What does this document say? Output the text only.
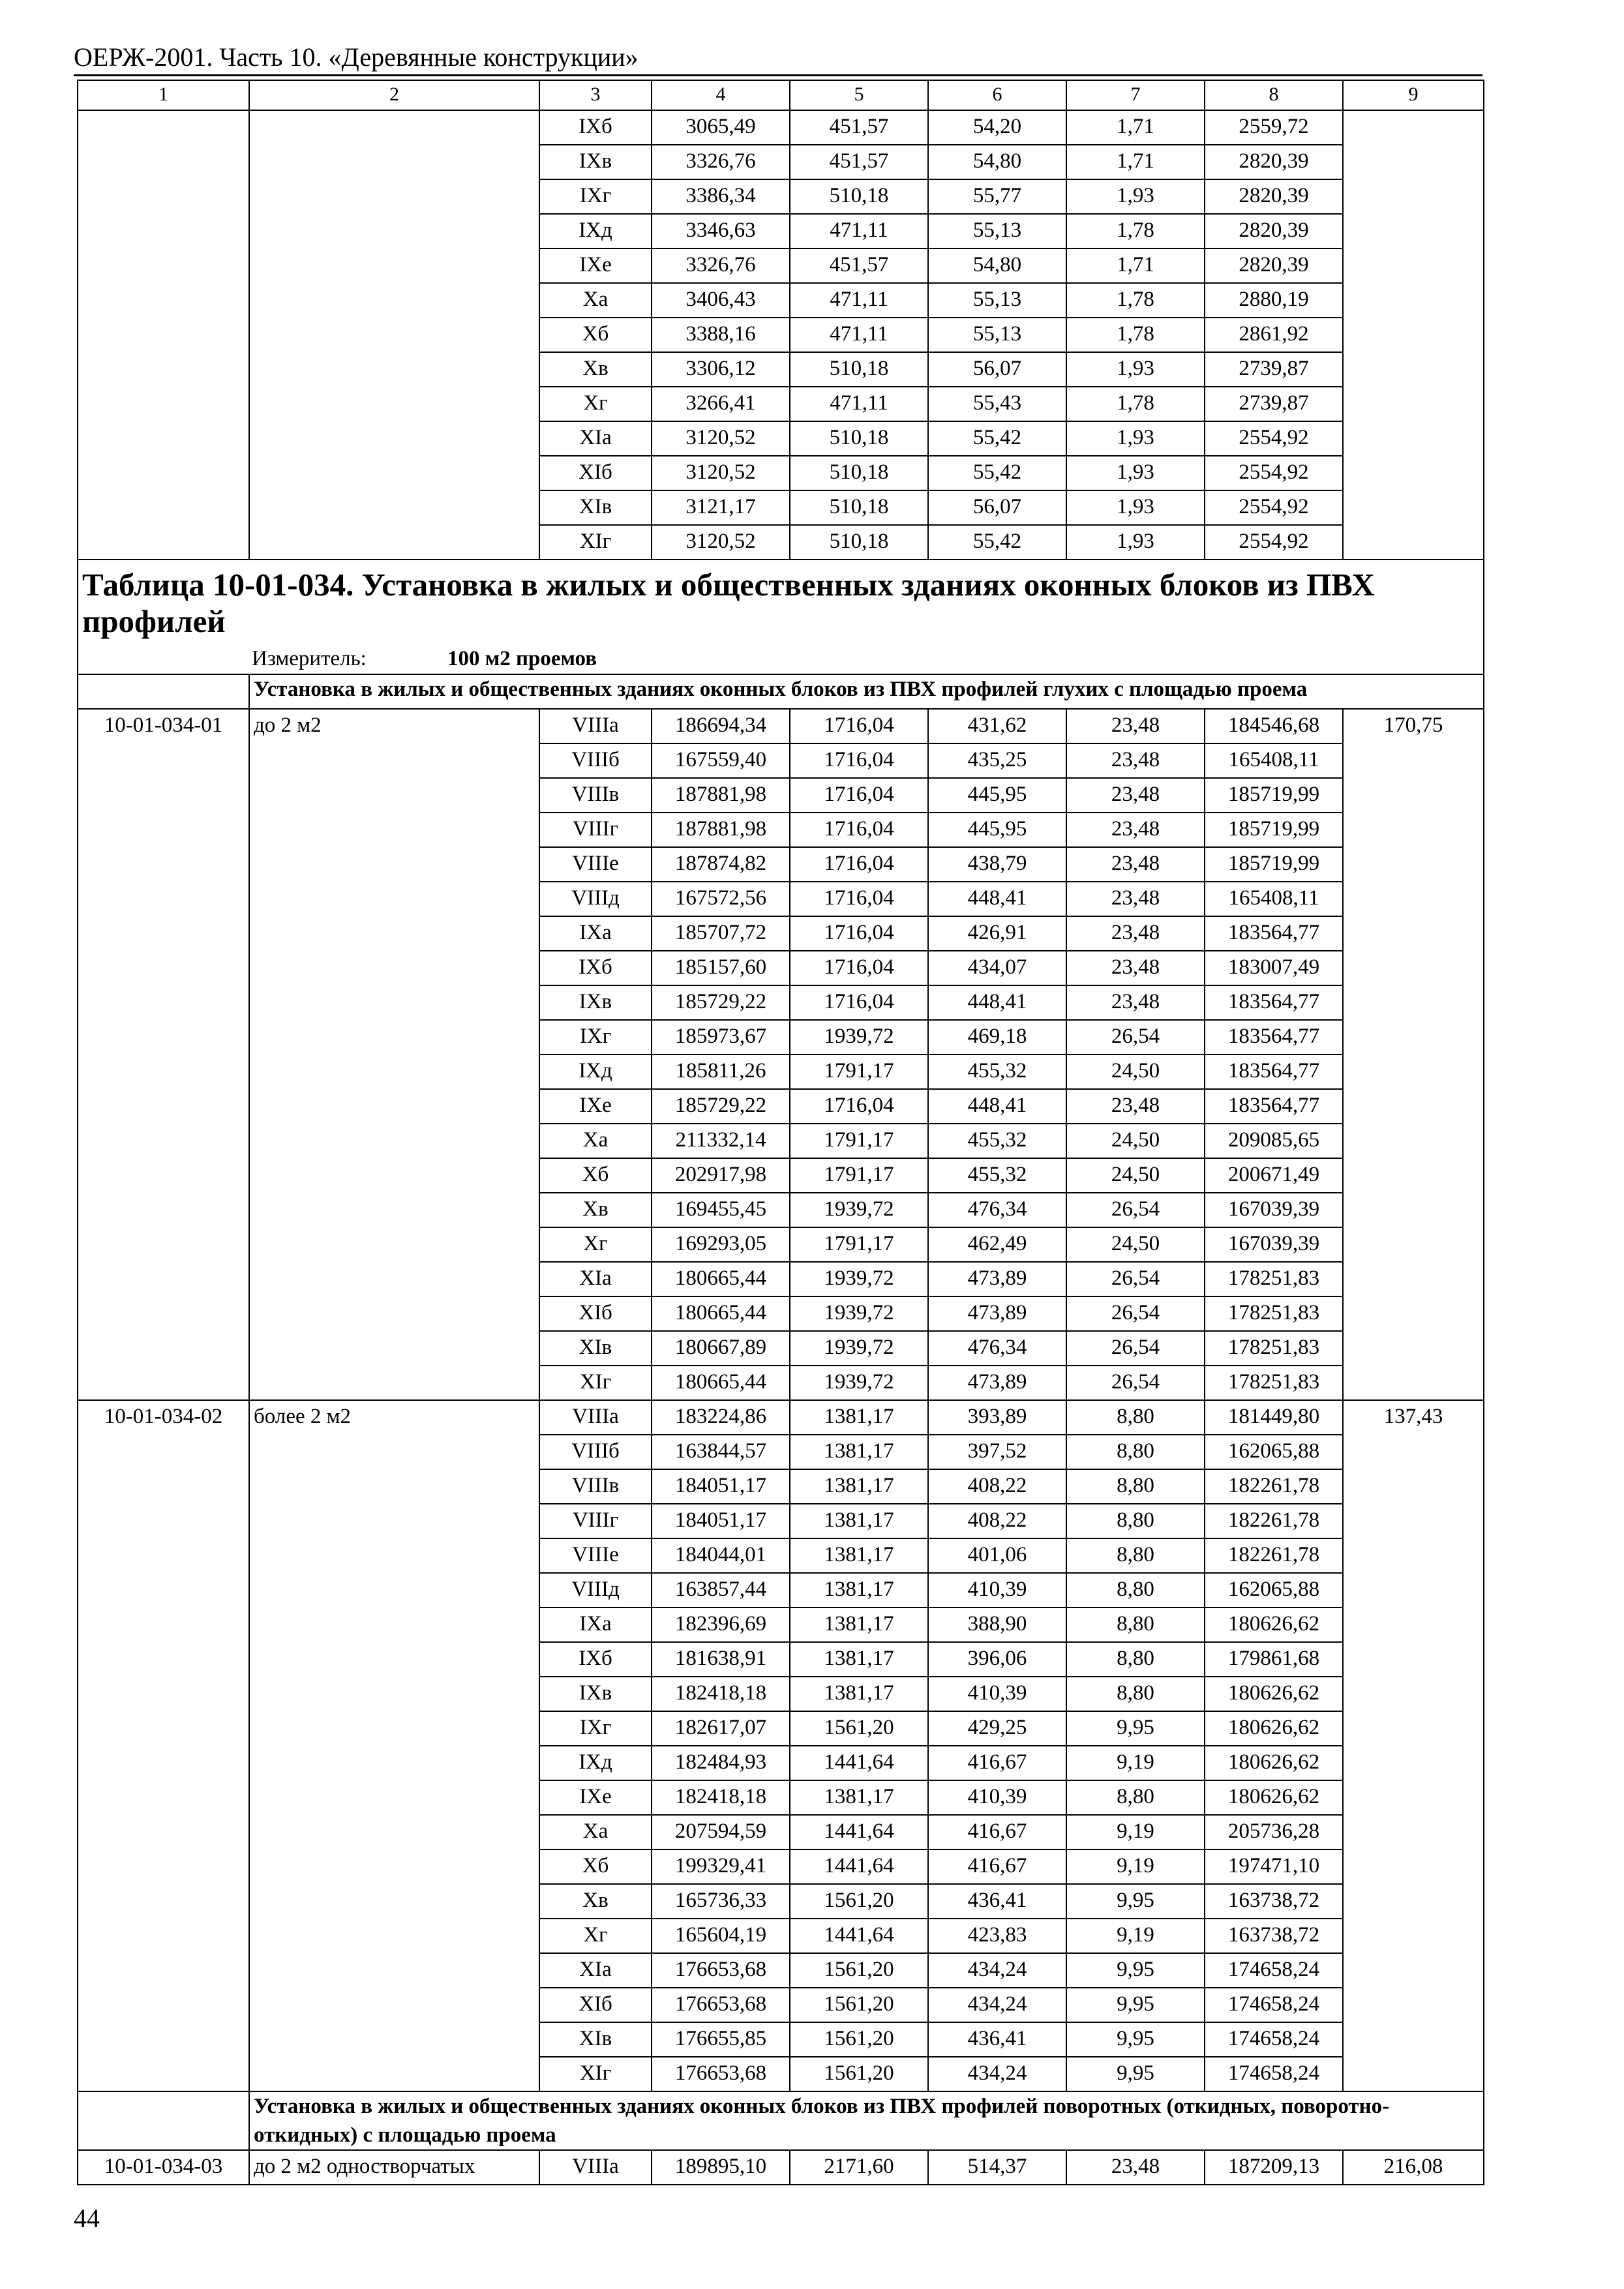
ОЕРЖ-2001. Часть 10. «Деревянные конструкции»
1	2	3	4	5	6	7	8	9
		IXб	3065,49	451,57	54,20	1,71	2559,72	
		IXв	3326,76	451,57	54,80	1,71	2820,39	
		IXг	3386,34	510,18	55,77	1,93	2820,39	
		IXд	3346,63	471,11	55,13	1,78	2820,39	
		IXе	3326,76	451,57	54,80	1,71	2820,39	
		Xа	3406,43	471,11	55,13	1,78	2880,19	
		Xб	3388,16	471,11	55,13	1,78	2861,92	
		Xв	3306,12	510,18	56,07	1,93	2739,87	
		Xг	3266,41	471,11	55,43	1,78	2739,87	
		XIа	3120,52	510,18	55,42	1,93	2554,92	
		XIб	3120,52	510,18	55,42	1,93	2554,92	
		XIв	3121,17	510,18	56,07	1,93	2554,92	
		XIг	3120,52	510,18	55,42	1,93	2554,92	
Таблица 10-01-034. Установка в жилых и общественных зданиях оконных блоков из ПВХ профилей								
Измеритель: 100 м2 проемов								
	Установка в жилых и общественных зданиях оконных блоков из ПВХ профилей глухих с площадью проема							
10-01-034-01	до 2 м2	VIIIа	186694,34	1716,04	431,62	23,48	184546,68	170,75
		VIIIб	167559,40	1716,04	435,25	23,48	165408,11	
		VIIIв	187881,98	1716,04	445,95	23,48	185719,99	
		VIIIг	187881,98	1716,04	445,95	23,48	185719,99	
		VIIIе	187874,82	1716,04	438,79	23,48	185719,99	
		VIIIд	167572,56	1716,04	448,41	23,48	165408,11	
		IXа	185707,72	1716,04	426,91	23,48	183564,77	
		IXб	185157,60	1716,04	434,07	23,48	183007,49	
		IXв	185729,22	1716,04	448,41	23,48	183564,77	
		IXг	185973,67	1939,72	469,18	26,54	183564,77	
		IXд	185811,26	1791,17	455,32	24,50	183564,77	
		IXе	185729,22	1716,04	448,41	23,48	183564,77	
		Xа	211332,14	1791,17	455,32	24,50	209085,65	
		Xб	202917,98	1791,17	455,32	24,50	200671,49	
		Xв	169455,45	1939,72	476,34	26,54	167039,39	
		Xг	169293,05	1791,17	462,49	24,50	167039,39	
		XIа	180665,44	1939,72	473,89	26,54	178251,83	
		XIб	180665,44	1939,72	473,89	26,54	178251,83	
		XIв	180667,89	1939,72	476,34	26,54	178251,83	
		XIг	180665,44	1939,72	473,89	26,54	178251,83	
10-01-034-02	более 2 м2	VIIIа	183224,86	1381,17	393,89	8,80	181449,80	137,43
		VIIIб	163844,57	1381,17	397,52	8,80	162065,88	
		VIIIв	184051,17	1381,17	408,22	8,80	182261,78	
		VIIIг	184051,17	1381,17	408,22	8,80	182261,78	
		VIIIе	184044,01	1381,17	401,06	8,80	182261,78	
		VIIIд	163857,44	1381,17	410,39	8,80	162065,88	
		IXа	182396,69	1381,17	388,90	8,80	180626,62	
		IXб	181638,91	1381,17	396,06	8,80	179861,68	
		IXв	182418,18	1381,17	410,39	8,80	180626,62	
		IXг	182617,07	1561,20	429,25	9,95	180626,62	
		IXд	182484,93	1441,64	416,67	9,19	180626,62	
		IXе	182418,18	1381,17	410,39	8,80	180626,62	
		Xа	207594,59	1441,64	416,67	9,19	205736,28	
		Xб	199329,41	1441,64	416,67	9,19	197471,10	
		Xв	165736,33	1561,20	436,41	9,95	163738,72	
		Xг	165604,19	1441,64	423,83	9,19	163738,72	
		XIа	176653,68	1561,20	434,24	9,95	174658,24	
		XIб	176653,68	1561,20	434,24	9,95	174658,24	
		XIв	176655,85	1561,20	436,41	9,95	174658,24	
		XIг	176653,68	1561,20	434,24	9,95	174658,24	
	Установка в жилых и общественных зданиях оконных блоков из ПВХ профилей поворотных (откидных, поворотно-откидных) с площадью проема							
10-01-034-03	до 2 м2 одностворчатых	VIIIа	189895,10	2171,60	514,37	23,48	187209,13	216,08
44
